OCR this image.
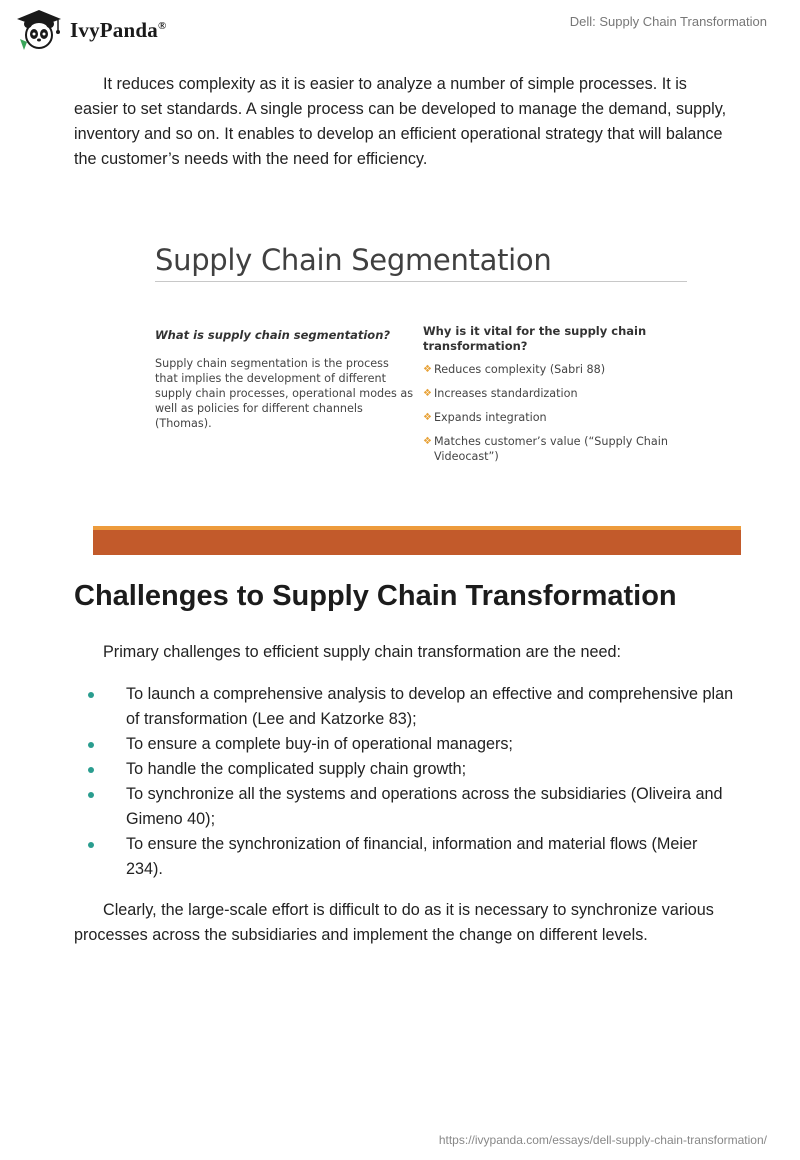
IvyPanda®	Dell: Supply Chain Transformation

It reduces complexity as it is easier to analyze a number of simple processes. It is easier to set standards. A single process can be developed to manage the demand, supply, inventory and so on. It enables to develop an efficient operational strategy that will balance the customer’s needs with the need for efficiency.

Supply Chain Segmentation

What is supply chain segmentation?

Supply chain segmentation is the process that implies the development of different supply chain processes, operational modes as well as policies for different channels (Thomas).

Why is it vital for the supply chain transformation?

❖ Reduces complexity (Sabri 88)
❖ Increases standardization
❖ Expands integration
❖ Matches customer’s value (“Supply Chain Videocast”)
Challenges to Supply Chain Transformation

Primary challenges to efficient supply chain transformation are the need:

To launch a comprehensive analysis to develop an effective and comprehensive plan of transformation (Lee and Katzorke 83);
To ensure a complete buy-in of operational managers;
To handle the complicated supply chain growth;
To synchronize all the systems and operations across the subsidiaries (Oliveira and Gimeno 40);
To ensure the synchronization of financial, information and material flows (Meier 234).

Clearly, the large-scale effort is difficult to do as it is necessary to synchronize various processes across the subsidiaries and implement the change on different levels.

https://ivypanda.com/essays/dell-supply-chain-transformation/
